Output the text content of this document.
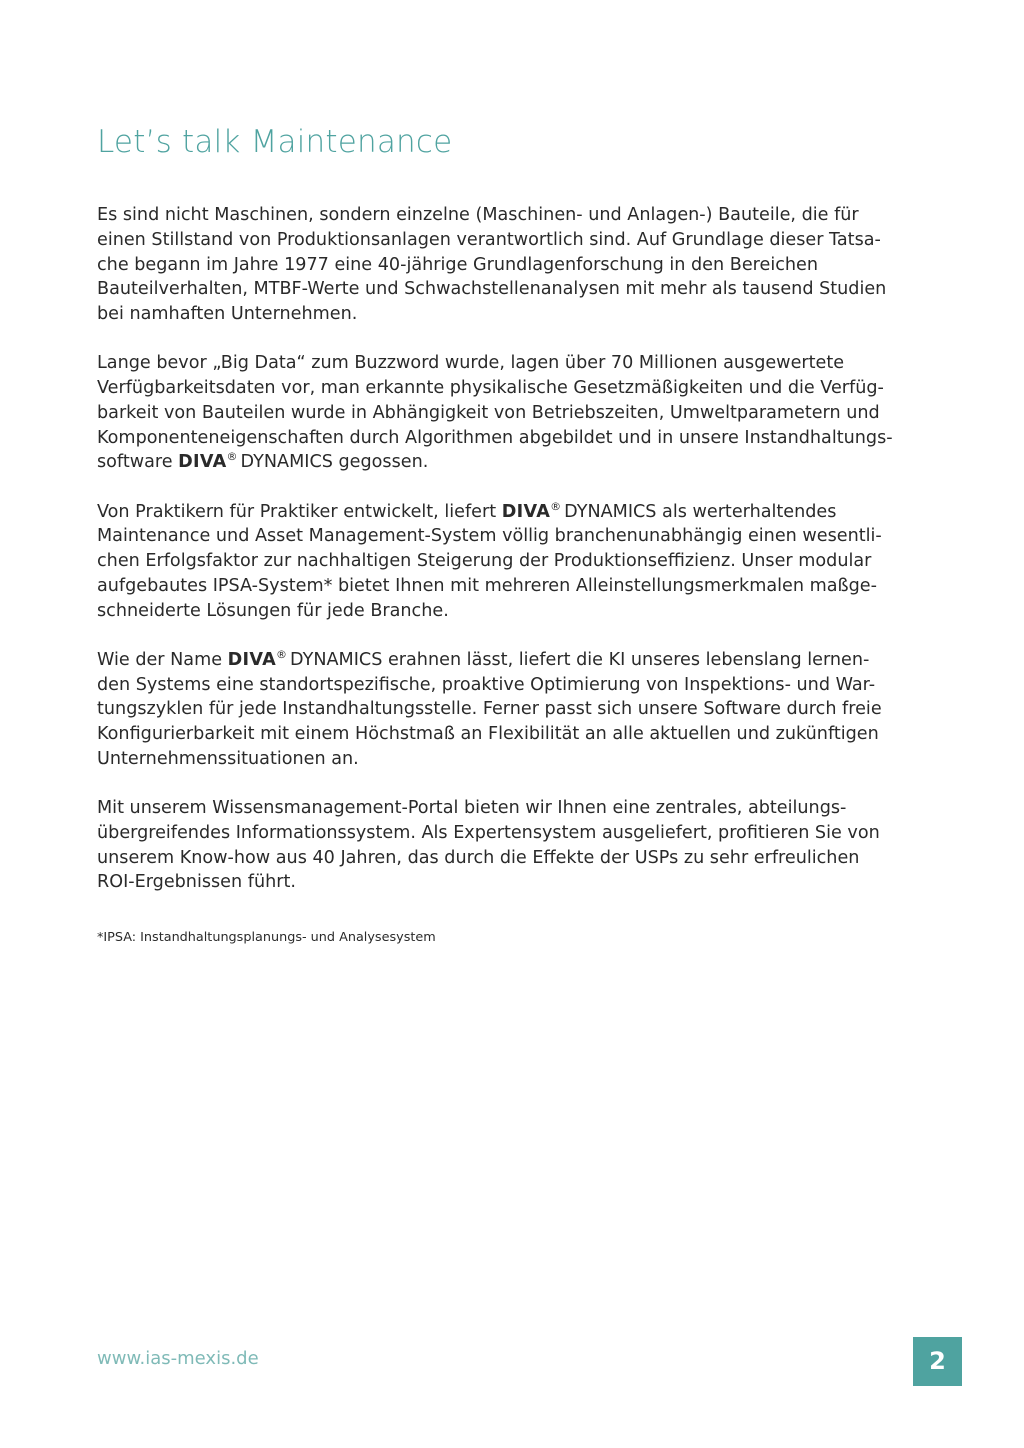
Let’s talk Maintenance

Es sind nicht Maschinen, sondern einzelne (Maschinen- und Anlagen-) Bauteile, die für
einen Stillstand von Produktionsanlagen verantwortlich sind. Auf Grundlage dieser Tatsa-
che begann im Jahre 1977 eine 40-jährige Grundlagenforschung in den Bereichen
Bauteilverhalten, MTBF-Werte und Schwachstellenanalysen mit mehr als tausend Studien
bei namhaften Unternehmen.

Lange bevor „Big Data“ zum Buzzword wurde, lagen über 70 Millionen ausgewertete
Verfügbarkeitsdaten vor, man erkannte physikalische Gesetzmäßigkeiten und die Verfüg-
barkeit von Bauteilen wurde in Abhängigkeit von Betriebszeiten, Umweltparametern und
Komponenteneigenschaften durch Algorithmen abgebildet und in unsere Instandhaltungs-
software DIVA® DYNAMICS gegossen.

Von Praktikern für Praktiker entwickelt, liefert DIVA® DYNAMICS als werterhaltendes
Maintenance und Asset Management-System völlig branchenunabhängig einen wesentli-
chen Erfolgsfaktor zur nachhaltigen Steigerung der Produktionseffizienz. Unser modular
aufgebautes IPSA-System* bietet Ihnen mit mehreren Alleinstellungsmerkmalen maßge-
schneiderte Lösungen für jede Branche.

Wie der Name DIVA® DYNAMICS erahnen lässt, liefert die KI unseres lebenslang lernen-
den Systems eine standortspezifische, proaktive Optimierung von Inspektions- und War-
tungszyklen für jede Instandhaltungsstelle. Ferner passt sich unsere Software durch freie
Konfigurierbarkeit mit einem Höchstmaß an Flexibilität an alle aktuellen und zukünftigen
Unternehmenssituationen an.

Mit unserem Wissensmanagement-Portal bieten wir Ihnen eine zentrales, abteilungs-
übergreifendes Informationssystem. Als Expertensystem ausgeliefert, profitieren Sie von
unserem Know-how aus 40 Jahren, das durch die Effekte der USPs zu sehr erfreulichen
ROI-Ergebnissen führt.

*IPSA: Instandhaltungsplanungs- und Analysesystem

www.ias-mexis.de	2
